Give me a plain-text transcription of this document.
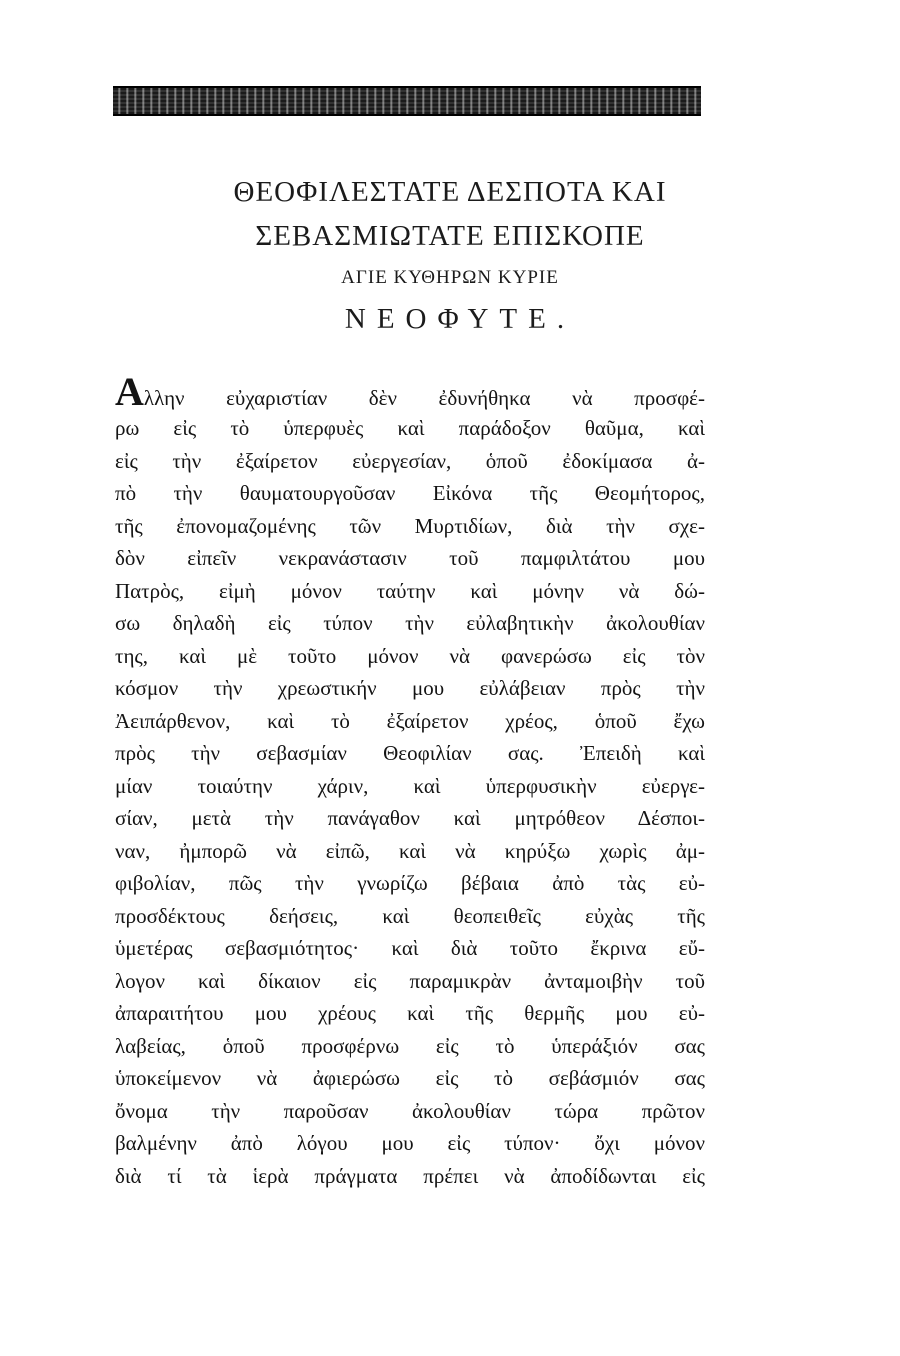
ΘΕΟΦΙΛΕΣΤΑΤΕ ΔΕΣΠΟΤΑ ΚΑΙ
ΣΕΒΑΣΜΙΩΤΑΤΕ ΕΠΙΣΚΟΠΕ
ΑΓΙΕ ΚΥΘΗΡΩΝ ΚΥΡΙΕ
ΝΕΟΦΥΤΕ.
Αλλην εὐχαριστίαν δὲν ἐδυνήθηκα νὰ προσφέ-
ρω εἰς τὸ ὑπερφυὲς καὶ παράδοξον θαῦμα, καὶ
εἰς τὴν ἐξαίρετον εὐεργεσίαν, ὁποῦ ἐδοκίμασα ἀ-
πὸ τὴν θαυματουργοῦσαν Εἰκόνα τῆς Θεομήτορος,
τῆς ἐπονομαζομένης τῶν Μυρτιδίων, διὰ τὴν σχε-
δὸν εἰπεῖν νεκρανάστασιν τοῦ παμφιλτάτου μου
Πατρὸς, εἰμὴ μόνον ταύτην καὶ μόνην νὰ δώ-
σω δηλαδὴ εἰς τύπον τὴν εὐλαβητικὴν ἀκολουθίαν
της, καὶ μὲ τοῦτο μόνον νὰ φανερώσω εἰς τὸν
κόσμον τὴν χρεωστικήν μου εὐλάβειαν πρὸς τὴν
Ἀειπάρθενον, καὶ τὸ ἐξαίρετον χρέος, ὁποῦ ἔχω
πρὸς τὴν σεβασμίαν Θεοφιλίαν σας. Ἐπειδὴ καὶ
μίαν τοιαύτην χάριν, καὶ ὑπερφυσικὴν εὐεργε-
σίαν, μετὰ τὴν πανάγαθον καὶ μητρόθεον Δέσποι-
ναν, ἠμπορῶ νὰ εἰπῶ, καὶ νὰ κηρύξω χωρὶς ἀμ-
φιβολίαν, πῶς τὴν γνωρίζω βέβαια ἀπὸ τὰς εὐ-
προσδέκτους δεήσεις, καὶ θεοπειθεῖς εὐχὰς τῆς
ὑμετέρας σεβασμιότητος· καὶ διὰ τοῦτο ἔκρινα εὔ-
λογον καὶ δίκαιον εἰς παραμικρὰν ἀνταμοιβὴν τοῦ
ἀπαραιτήτου μου χρέους καὶ τῆς θερμῆς μου εὐ-
λαβείας, ὁποῦ προσφέρνω εἰς τὸ ὑπεράξιόν σας
ὑποκείμενον νὰ ἀφιερώσω εἰς τὸ σεβάσμιόν σας
ὄνομα τὴν παροῦσαν ἀκολουθίαν τώρα πρῶτον
βαλμένην ἀπὸ λόγου μου εἰς τύπον· ὄχι μόνον
διὰ τί τὰ ἱερὰ πράγματα πρέπει νὰ ἀποδίδωνται εἰς
